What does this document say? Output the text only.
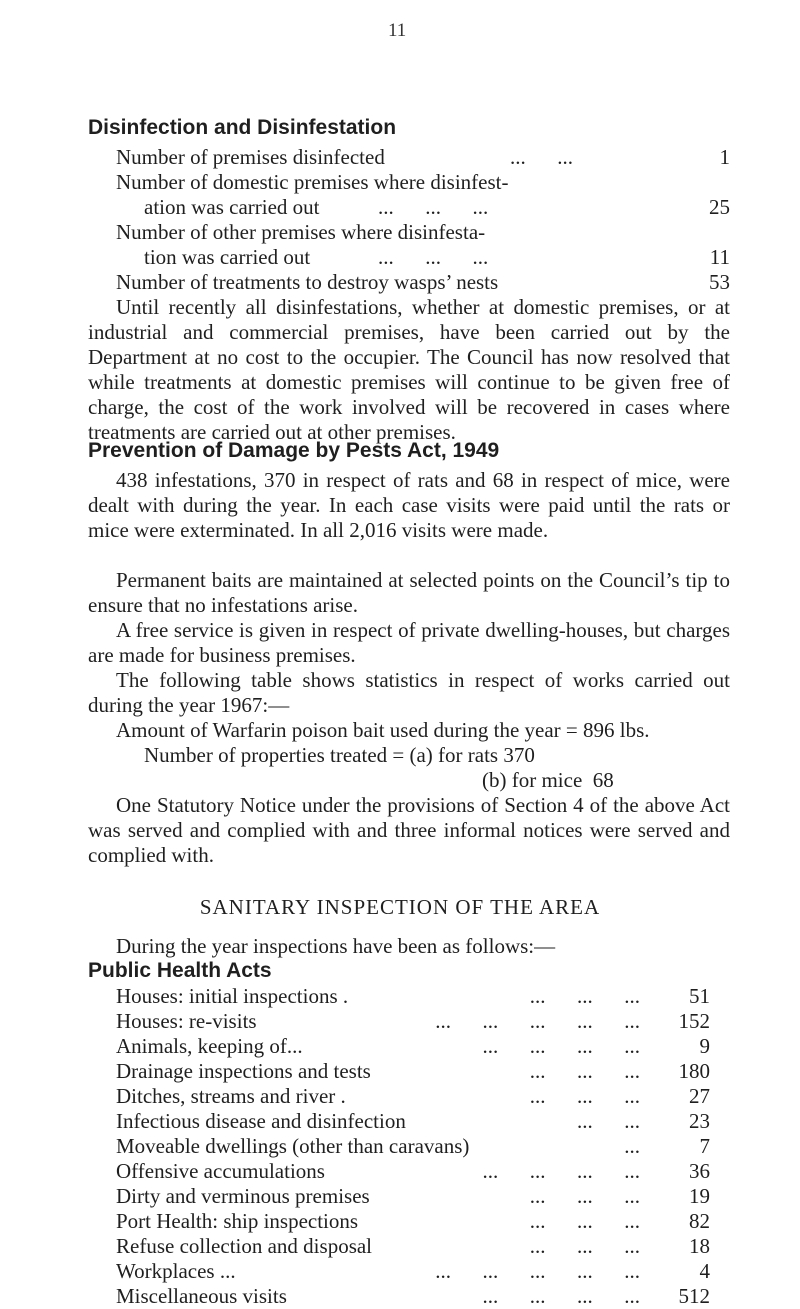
11
Disinfection and Disinfestation
Number of premises disinfected	...      ...	1
Number of domestic premises where disinfest-
ation was carried out	...      ...      ...	25
Number of other premises where disinfesta-
tion was carried out	...      ...      ...	11
Number of treatments to destroy wasps’ nests	53
Until recently all disinfestations, whether at domestic premises, or at industrial and commercial premises, have been carried out by the Department at no cost to the occupier. The Council has now resolved that while treatments at domestic premises will continue to be given free of charge, the cost of the work involved will be recovered in cases where treatments are carried out at other premises.
Prevention of Damage by Pests Act, 1949
438 infestations, 370 in respect of rats and 68 in respect of mice, were dealt with during the year. In each case visits were paid until the rats or mice were exterminated. In all 2,016 visits were made.
Permanent baits are maintained at selected points on the Council’s tip to ensure that no infestations arise.
A free service is given in respect of private dwelling-houses, but charges are made for business premises.
The following table shows statistics in respect of works carried out during the year 1967:—
Amount of Warfarin poison bait used during the year = 896 lbs.
Number of properties treated = (a) for rats 370
(b) for mice  68
One Statutory Notice under the provisions of Section 4 of the above Act was served and complied with and three informal notices were served and complied with.
SANITARY INSPECTION OF THE AREA
During the year inspections have been as follows:—
Public Health Acts
Houses: initial inspections .	...      ...      ...	51
Houses: re-visits	...      ...      ...      ...      ...	152
Animals, keeping of...	...      ...      ...      ...	9
Drainage inspections and tests	...      ...      ...	180
Ditches, streams and river .	...      ...      ...	27
Infectious disease and disinfection	...      ...	23
Moveable dwellings (other than caravans)	...	7
Offensive accumulations	...      ...      ...      ...	36
Dirty and verminous premises	...      ...      ...	19
Port Health: ship inspections	...      ...      ...	82
Refuse collection and disposal	...      ...      ...	18
Workplaces ...	...      ...      ...      ...      ...	4
Miscellaneous visits	...      ...      ...      ...	512
